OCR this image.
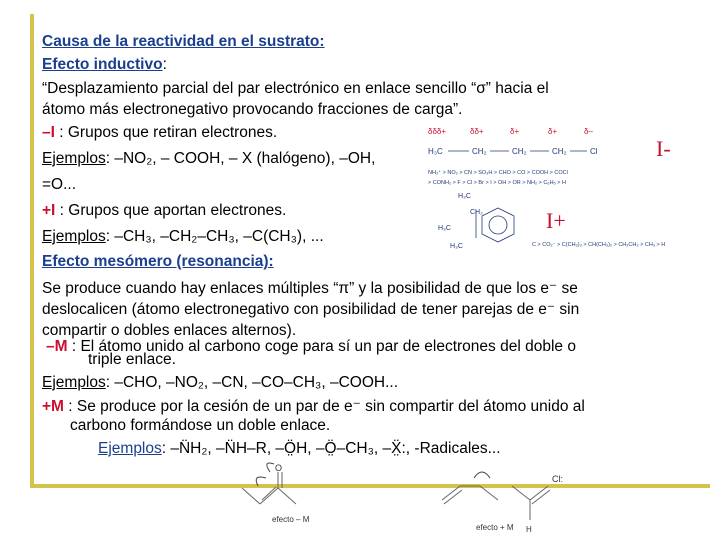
Causa de la reactividad en el sustrato:
Efecto inductivo:
“Desplazamiento parcial del par electrónico en enlace sencillo “σ” hacia el
átomo más electronegativo provocando fracciones de carga”.
–I : Grupos que retiran electrones.
Ejemplos: –NO₂, – COOH, – X (halógeno), –OH,
=O...
+I : Grupos que aportan electrones.
Ejemplos: –CH₃, –CH₂–CH₃, –C(CH₃), ...
Efecto mesómero (resonancia):
Se produce cuando hay enlaces múltiples “π” y la posibilidad de que los e⁻ se
deslocalicen (átomo electronegativo con posibilidad de tener parejas de e⁻ sin
compartir o dobles enlaces alternos).
–M : El átomo unido al carbono coge para sí un par de electrones del doble o
triple enlace.
Ejemplos: –CHO, –NO₂, –CN, –CO–CH₃, –COOH...
+M : Se produce por la cesión de un par de e⁻ sin compartir del átomo unido al
carbono formándose un doble enlace.
Ejemplos: –N̈H₂, –N̈H–R, –Ö̤H, –Ö̤–CH₃, –Ẍ̤:, -Radicales...
δδδ+	δδ+	δ+	δ+	δ–
H₃C	CH₂	CH₂	CH₂	Cl	I-
NH₃⁺ > NO₂ > CN > SO₃H > CHO > CO > COOH > COCl
> CONH₂ > F > Cl > Br > I > OH > OR > NH₂ > C₆H₅ > H
H₃C
CH₂
H₃C
H₃C
I+
C > CO₂⁻ > C(CH₃)₃ > CH(CH₃)₂ > CH₂CH₃ > CH₃ > H
O
efecto – M
Cl:
H
efecto + M
